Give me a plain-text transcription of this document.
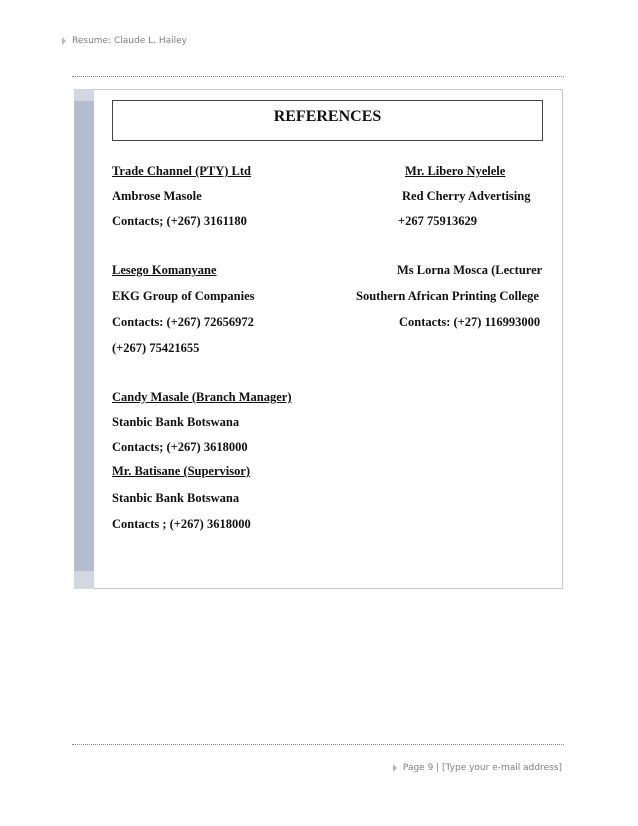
Resume: Claude L. Hailey
REFERENCES
Trade Channel (PTY) Ltd
Ambrose Masole
Contacts; (+267) 3161180
Lesego Komanyane
EKG Group of Companies
Contacts: (+267) 72656972
(+267) 75421655
Candy Masale (Branch Manager)
Stanbic Bank Botswana
Contacts; (+267) 3618000
Mr. Batisane (Supervisor)
Stanbic Bank Botswana
Contacts ; (+267) 3618000
Mr. Libero Nyelele
Red Cherry Advertising
+267 75913629
Ms Lorna Mosca (Lecturer
Southern African Printing College
Contacts: (+27) 116993000
Page 9 | [Type your e-mail address]
